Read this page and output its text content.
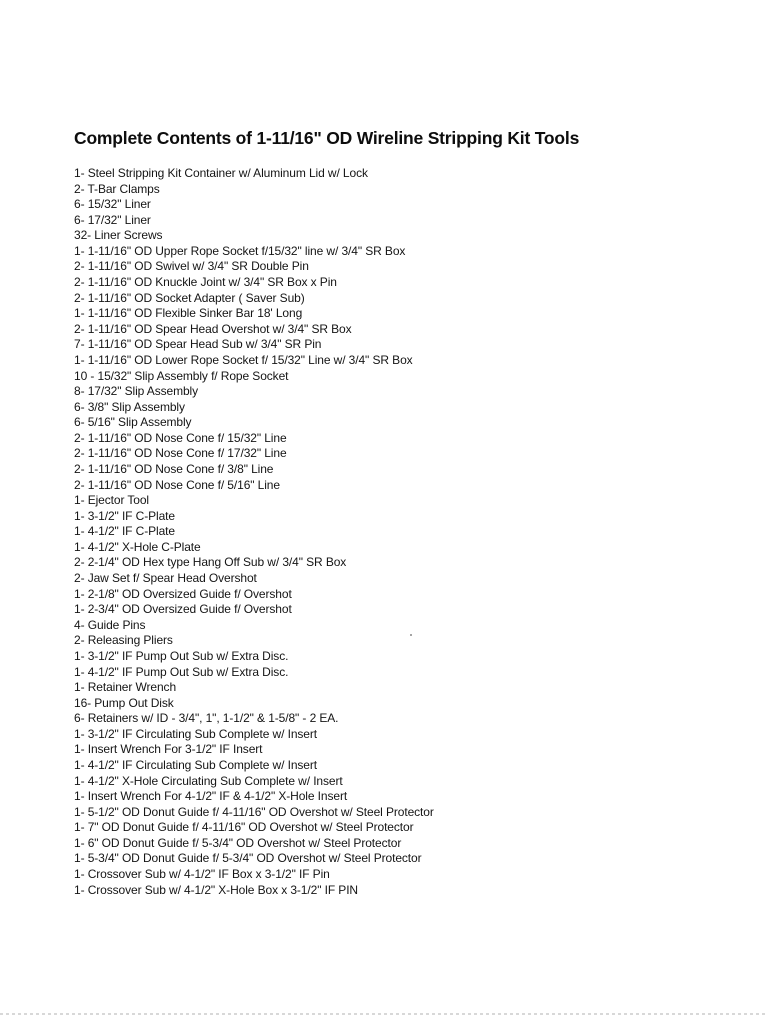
Complete Contents of 1-11/16" OD Wireline Stripping Kit Tools
1- Steel Stripping Kit Container w/ Aluminum Lid w/ Lock
2- T-Bar Clamps
6- 15/32" Liner
6- 17/32" Liner
32- Liner Screws
1- 1-11/16" OD Upper Rope Socket f/15/32" line w/ 3/4" SR Box
2- 1-11/16" OD Swivel w/ 3/4" SR Double Pin
2- 1-11/16" OD Knuckle Joint w/ 3/4" SR Box x Pin
2- 1-11/16" OD Socket Adapter ( Saver Sub)
1- 1-11/16" OD Flexible Sinker Bar 18' Long
2- 1-11/16" OD Spear Head Overshot w/ 3/4" SR Box
7- 1-11/16" OD Spear Head Sub w/ 3/4" SR Pin
1- 1-11/16" OD Lower Rope Socket f/ 15/32" Line w/ 3/4" SR Box
10 - 15/32" Slip Assembly f/ Rope Socket
8- 17/32" Slip Assembly
6- 3/8" Slip Assembly
6- 5/16" Slip Assembly
2- 1-11/16" OD Nose Cone f/ 15/32" Line
2- 1-11/16" OD Nose Cone f/ 17/32" Line
2- 1-11/16" OD Nose Cone f/ 3/8" Line
2- 1-11/16" OD Nose Cone f/ 5/16" Line
1- Ejector Tool
1- 3-1/2" IF C-Plate
1- 4-1/2" IF C-Plate
1- 4-1/2" X-Hole C-Plate
2- 2-1/4" OD Hex type Hang Off Sub w/ 3/4" SR Box
2- Jaw Set f/ Spear Head Overshot
1- 2-1/8" OD Oversized Guide f/ Overshot
1- 2-3/4" OD Oversized Guide f/ Overshot
4- Guide Pins
2- Releasing Pliers
1- 3-1/2" IF Pump Out Sub w/ Extra Disc.
1- 4-1/2" IF Pump Out Sub w/ Extra Disc.
1- Retainer Wrench
16- Pump Out Disk
6- Retainers w/ ID - 3/4", 1", 1-1/2" & 1-5/8" - 2 EA.
1- 3-1/2" IF Circulating Sub Complete w/ Insert
1- Insert Wrench For 3-1/2" IF Insert
1- 4-1/2" IF Circulating Sub Complete w/ Insert
1- 4-1/2" X-Hole Circulating Sub Complete w/ Insert
1- Insert Wrench For 4-1/2" IF & 4-1/2" X-Hole Insert
1- 5-1/2" OD Donut Guide f/ 4-11/16" OD Overshot w/ Steel Protector
1- 7" OD Donut Guide f/ 4-11/16" OD Overshot w/ Steel Protector
1- 6" OD Donut Guide f/ 5-3/4" OD Overshot w/ Steel Protector
1- 5-3/4" OD Donut Guide f/ 5-3/4" OD Overshot w/ Steel Protector
1- Crossover Sub w/ 4-1/2" IF Box x 3-1/2" IF Pin
1- Crossover Sub w/ 4-1/2" X-Hole Box x 3-1/2" IF PIN
